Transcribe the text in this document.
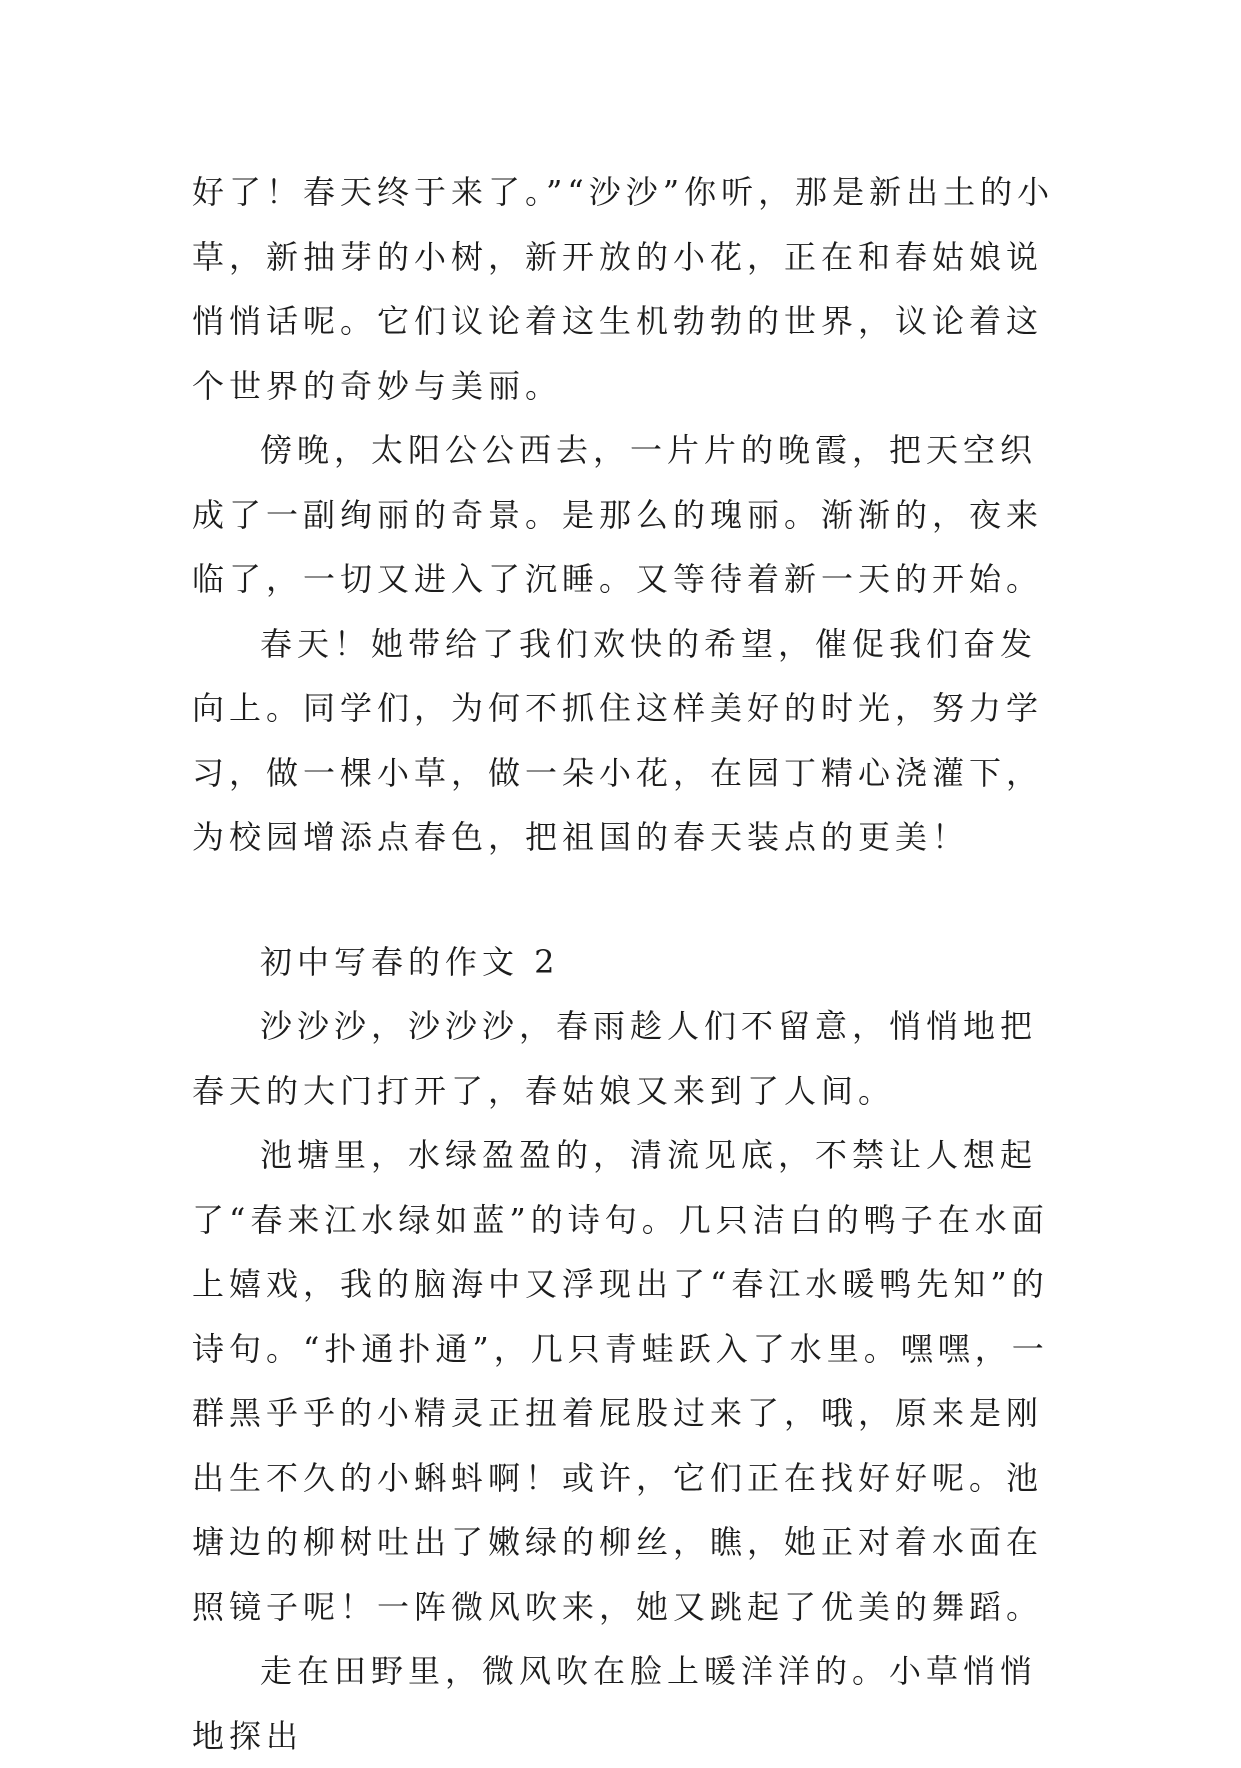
好了！春天终于来了。”“沙沙”你听，那是新出土的小草，新抽芽的小树，新开放的小花，正在和春姑娘说悄悄话呢。它们议论着这生机勃勃的世界，议论着这个世界的奇妙与美丽。

傍晚，太阳公公西去，一片片的晚霞，把天空织成了一副绚丽的奇景。是那么的瑰丽。渐渐的，夜来临了，一切又进入了沉睡。又等待着新一天的开始。

春天！她带给了我们欢快的希望，催促我们奋发向上。同学们，为何不抓住这样美好的时光，努力学习，做一棵小草，做一朵小花，在园丁精心浇灌下，为校园增添点春色，把祖国的春天装点的更美！

初中写春的作文 2

沙沙沙，沙沙沙，春雨趁人们不留意，悄悄地把春天的大门打开了，春姑娘又来到了人间。

池塘里，水绿盈盈的，清流见底，不禁让人想起了“春来江水绿如蓝”的诗句。几只洁白的鸭子在水面上嬉戏，我的脑海中又浮现出了“春江水暖鸭先知”的诗句。“扑通扑通”，几只青蛙跃入了水里。嘿嘿，一群黑乎乎的小精灵正扭着屁股过来了，哦，原来是刚出生不久的小蝌蚪啊！或许，它们正在找好好呢。池塘边的柳树吐出了嫩绿的柳丝，瞧，她正对着水面在照镜子呢！一阵微风吹来，她又跳起了优美的舞蹈。

走在田野里，微风吹在脸上暖洋洋的。小草悄悄地探出
